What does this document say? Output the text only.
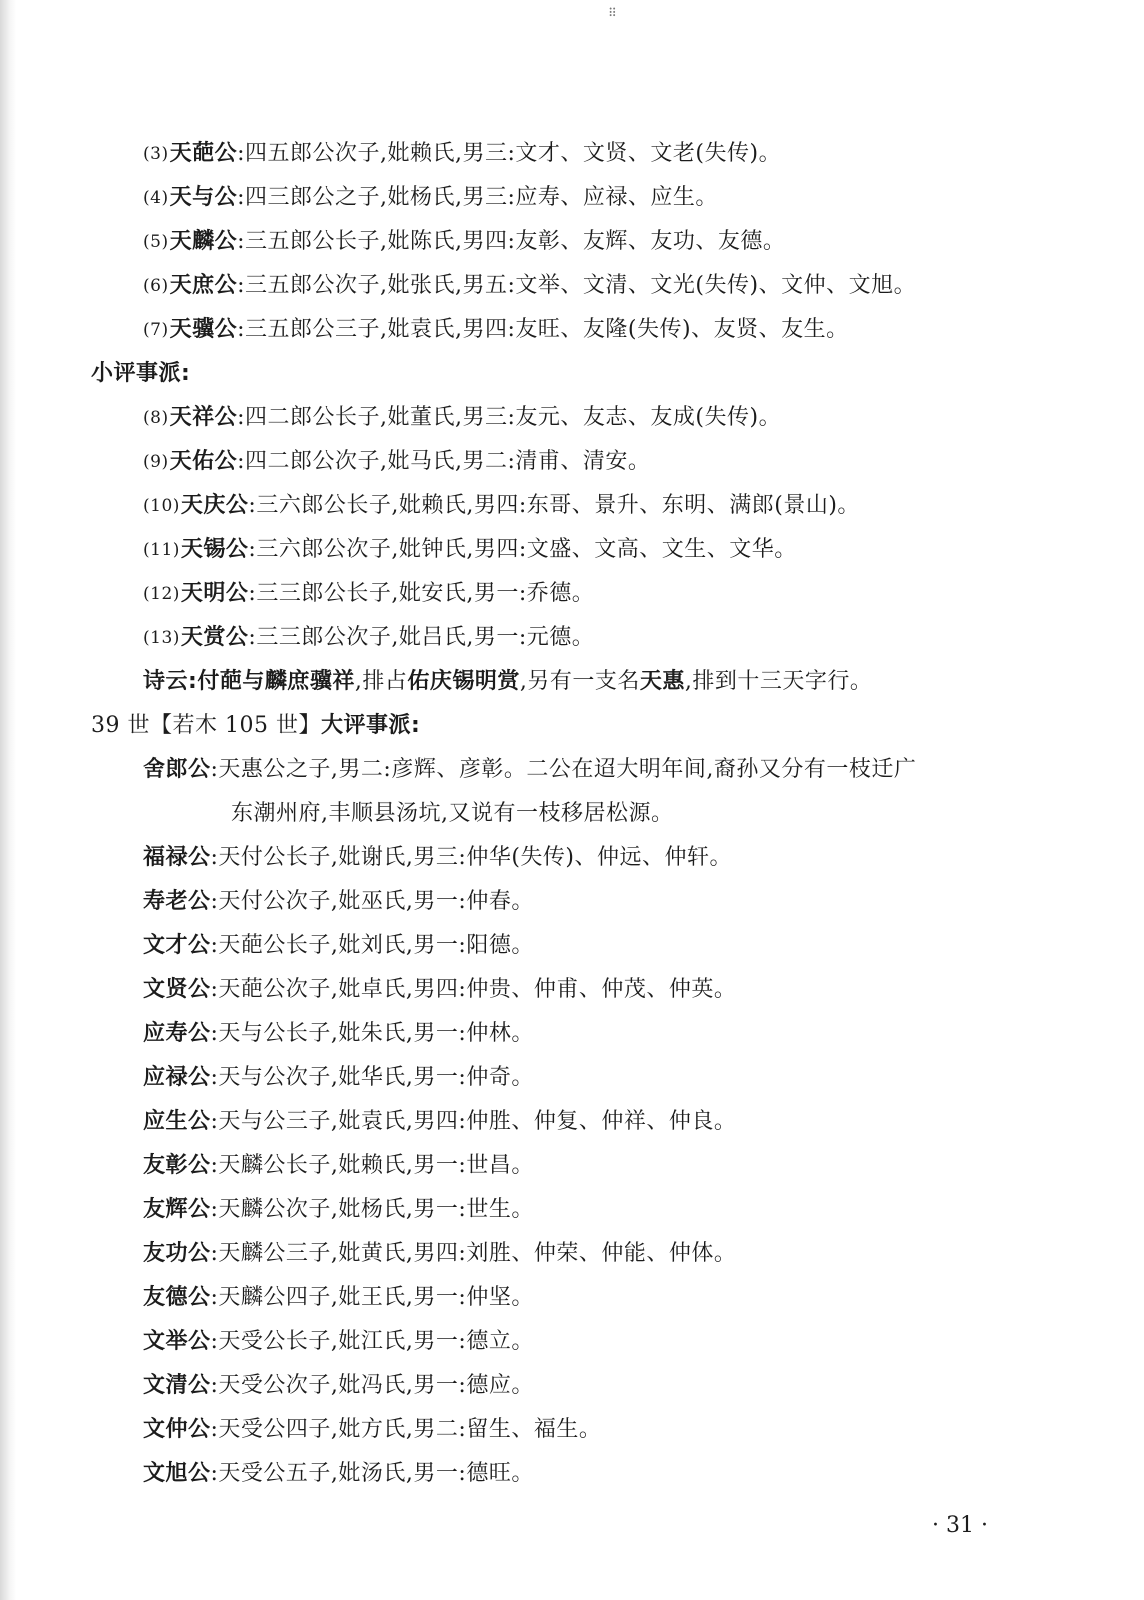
⠿
(3)天葩公:四五郎公次子,妣赖氏,男三:文才、文贤、文老(失传)。
(4)天与公:四三郎公之子,妣杨氏,男三:应寿、应禄、应生。
(5)天麟公:三五郎公长子,妣陈氏,男四:友彰、友辉、友功、友德。
(6)天庶公:三五郎公次子,妣张氏,男五:文举、文清、文光(失传)、文仲、文旭。
(7)天骥公:三五郎公三子,妣袁氏,男四:友旺、友隆(失传)、友贤、友生。
小评事派:
(8)天祥公:四二郎公长子,妣董氏,男三:友元、友志、友成(失传)。
(9)天佑公:四二郎公次子,妣马氏,男二:清甫、清安。
(10)天庆公:三六郎公长子,妣赖氏,男四:东哥、景升、东明、满郎(景山)。
(11)天锡公:三六郎公次子,妣钟氏,男四:文盛、文高、文生、文华。
(12)天明公:三三郎公长子,妣安氏,男一:乔德。
(13)天赏公:三三郎公次子,妣吕氏,男一:元德。
诗云:付葩与麟庶骥祥,排占佑庆锡明赏,另有一支名天惠,排到十三天字行。
39 世【若木 105 世】大评事派:
舍郎公:天惠公之子,男二:彦辉、彦彰。二公在迢大明年间,裔孙又分有一枝迁广
东潮州府,丰顺县汤坑,又说有一枝移居松源。
福禄公:天付公长子,妣谢氏,男三:仲华(失传)、仲远、仲轩。
寿老公:天付公次子,妣巫氏,男一:仲春。
文才公:天葩公长子,妣刘氏,男一:阳德。
文贤公:天葩公次子,妣卓氏,男四:仲贵、仲甫、仲茂、仲英。
应寿公:天与公长子,妣朱氏,男一:仲林。
应禄公:天与公次子,妣华氏,男一:仲奇。
应生公:天与公三子,妣袁氏,男四:仲胜、仲复、仲祥、仲良。
友彰公:天麟公长子,妣赖氏,男一:世昌。
友辉公:天麟公次子,妣杨氏,男一:世生。
友功公:天麟公三子,妣黄氏,男四:刘胜、仲荣、仲能、仲体。
友德公:天麟公四子,妣王氏,男一:仲坚。
文举公:天受公长子,妣江氏,男一:德立。
文清公:天受公次子,妣冯氏,男一:德应。
文仲公:天受公四子,妣方氏,男二:留生、福生。
文旭公:天受公五子,妣汤氏,男一:德旺。
· 31 ·
